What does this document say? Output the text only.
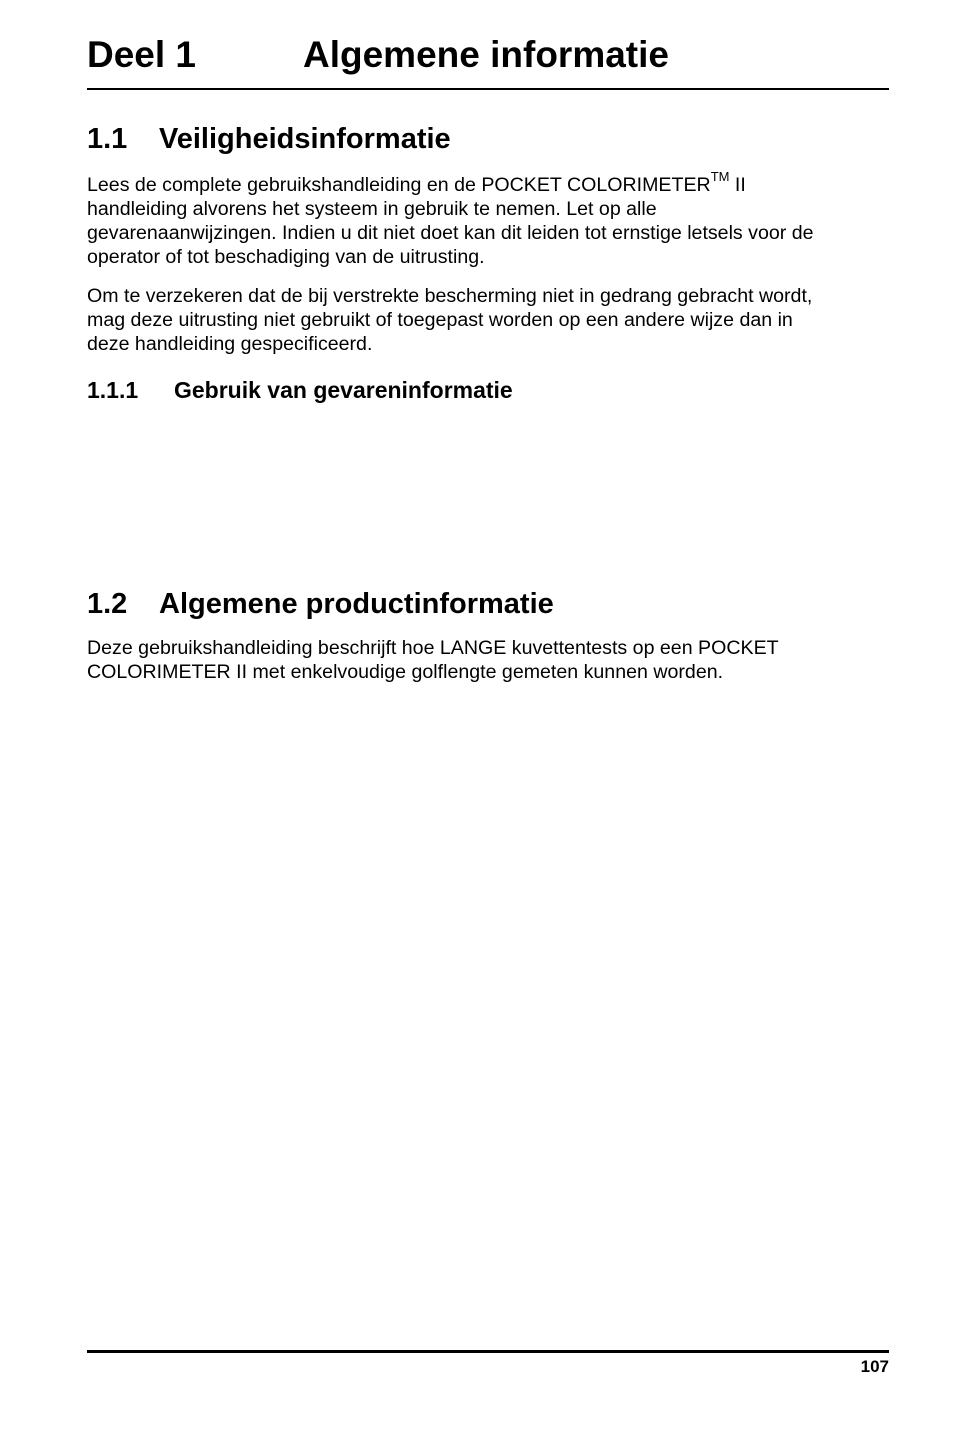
Deel 1	Algemene informatie
1.1 Veiligheidsinformatie

Lees de complete gebruikshandleiding en de POCKET COLORIMETER™ II
handleiding alvorens het systeem in gebruik te nemen. Let op alle
gevarenaanwijzingen. Indien u dit niet doet kan dit leiden tot ernstige letsels voor de
operator of tot beschadiging van de uitrusting.

Om te verzekeren dat de bij verstrekte bescherming niet in gedrang gebracht wordt,
mag deze uitrusting niet gebruikt of toegepast worden op een andere wijze dan in
deze handleiding gespecificeerd.

1.1.1 Gebruik van gevareninformatie
1.2 Algemene productinformatie

Deze gebruikshandleiding beschrijft hoe LANGE kuvettentests op een POCKET
COLORIMETER II met enkelvoudige golflengte gemeten kunnen worden.

107
